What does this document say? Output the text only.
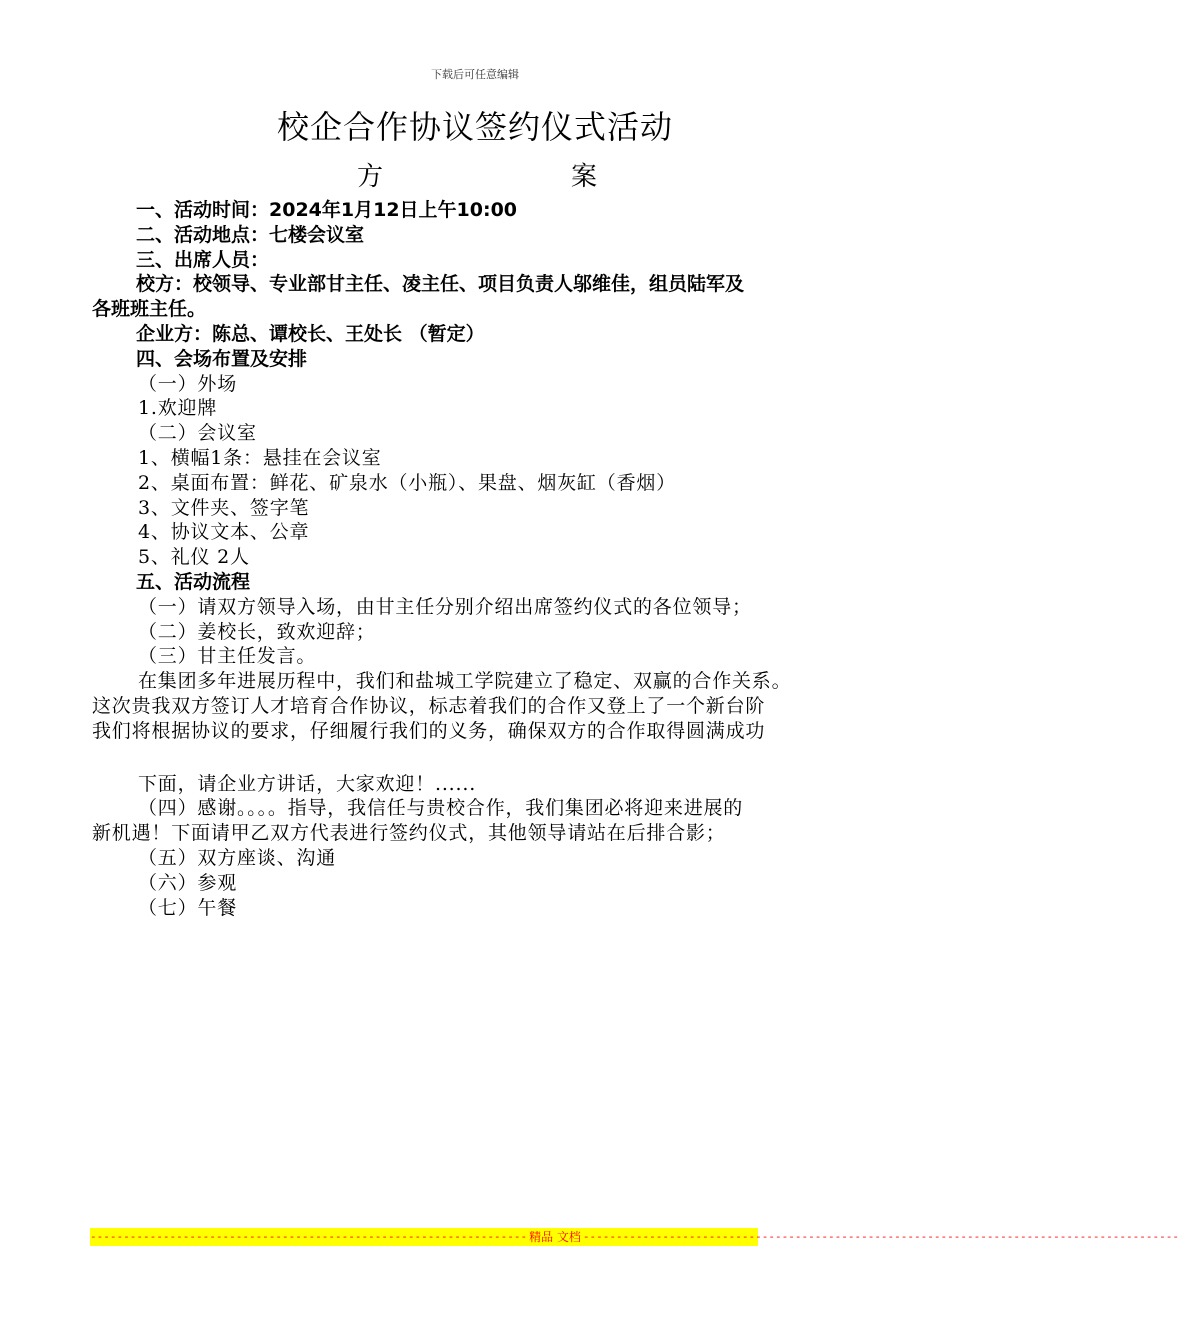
下载后可任意编辑
校企合作协议签约仪式活动
方	案
一、活动时间：2024年1月12日上午10:00
二、活动地点：七楼会议室
三、出席人员：
校方：校领导、专业部甘主任、凌主任、项目负责人邬维佳，组员陆军及
各班班主任。
企业方：陈总、谭校长、王处长 （暂定）
四、会场布置及安排
（一）外场
1.欢迎牌
（二）会议室
1、横幅1条：悬挂在会议室
2、桌面布置：鲜花、矿泉水（小瓶）、果盘、烟灰缸（香烟）
3、文件夹、签字笔
4、协议文本、公章
5、礼仪 2人
五、活动流程
（一）请双方领导入场，由甘主任分别介绍出席签约仪式的各位领导；
（二）姜校长，致欢迎辞；
（三）甘主任发言。
在集团多年进展历程中，我们和盐城工学院建立了稳定、双赢的合作关系。
这次贵我双方签订人才培育合作协议，标志着我们的合作又登上了一个新台阶
我们将根据协议的要求，仔细履行我们的义务，确保双方的合作取得圆满成功
下面，请企业方讲话，大家欢迎！......
（四）感谢。。。。指导，我信任与贵校合作，我们集团必将迎来进展的
新机遇！下面请甲乙双方代表进行签约仪式，其他领导请站在后排合影；
（五）双方座谈、沟通
（六）参观
（七）午餐
------------------------------------------------------------------ 精品 文档 ------------------------------------------------------------------------------------------
